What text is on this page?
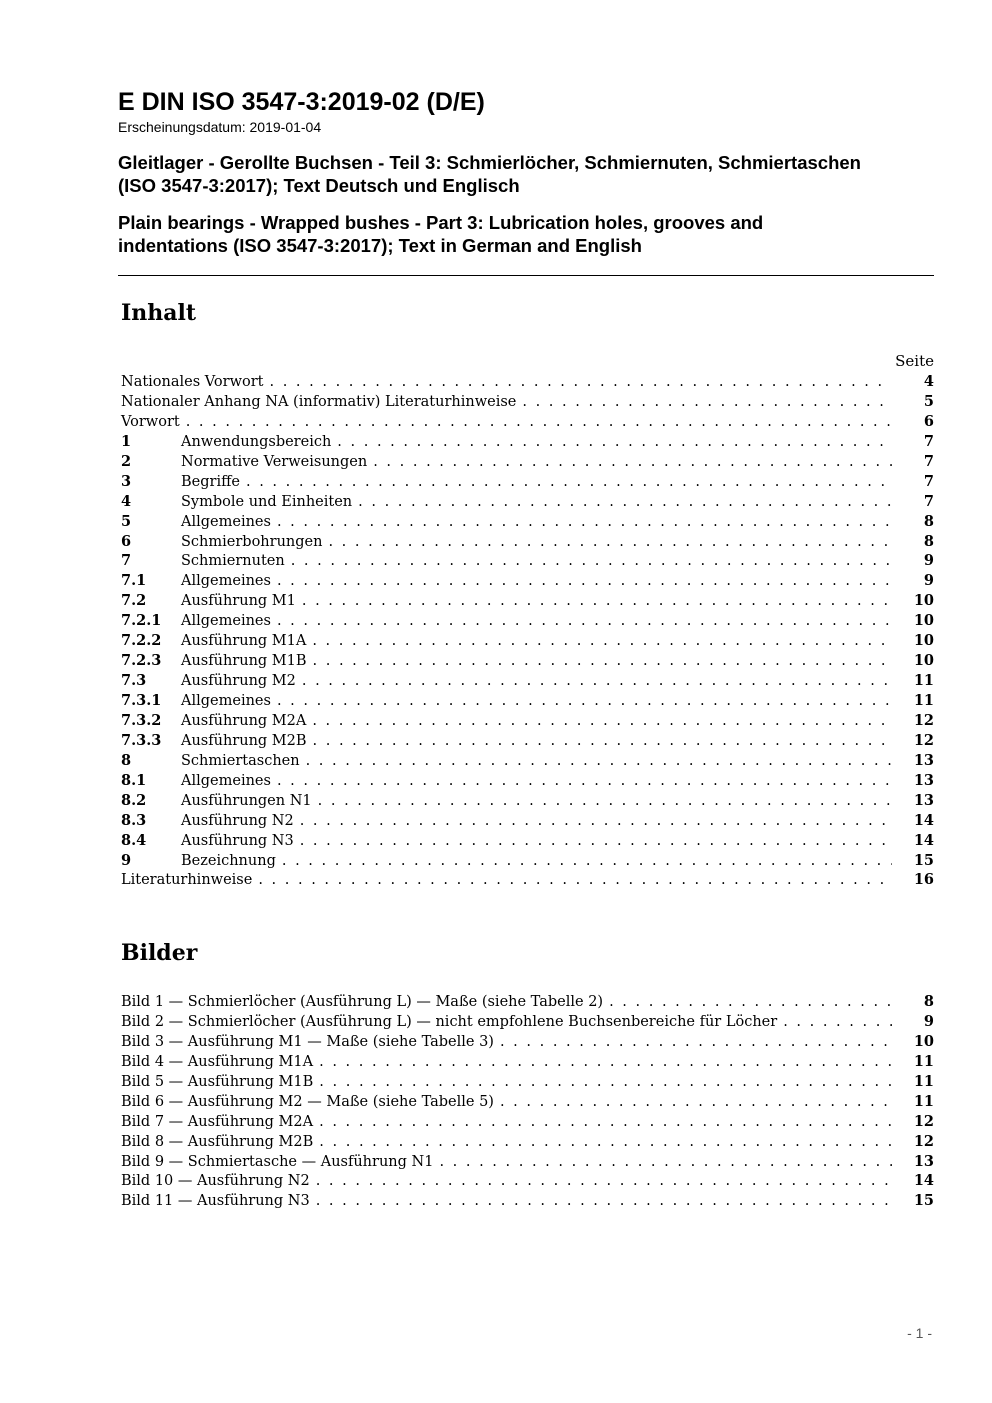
E DIN ISO 3547-3:2019-02 (D/E)

Erscheinungsdatum: 2019-01-04

Gleitlager - Gerollte Buchsen - Teil 3: Schmierlöcher, Schmiernuten, Schmiertaschen
(ISO 3547-3:2017); Text Deutsch und Englisch
Plain bearings - Wrapped bushes - Part 3: Lubrication holes, grooves and
indentations (ISO 3547-3:2017); Text in German and English
Inhalt
Seite
Nationales Vorwort . . .	4
Nationaler Anhang NA (informativ) Literaturhinweise . . .	5
Vorwort . . .	6
1	Anwendungsbereich . . .	7
2	Normative Verweisungen . . .	7
3	Begriffe . . .	7
4	Symbole und Einheiten . . .	7
5	Allgemeines . . .	8
6	Schmierbohrungen . . .	8
7	Schmiernuten . . .	9
7.1	Allgemeines . . .	9
7.2	Ausführung M1 . . .	10
7.2.1	Allgemeines . . .	10
7.2.2	Ausführung M1A . . .	10
7.2.3	Ausführung M1B . . .	10
7.3	Ausführung M2 . . .	11
7.3.1	Allgemeines . . .	11
7.3.2	Ausführung M2A . . .	12
7.3.3	Ausführung M2B . . .	12
8	Schmiertaschen . . .	13
8.1	Allgemeines . . .	13
8.2	Ausführungen N1 . . .	13
8.3	Ausführung N2 . . .	14
8.4	Ausführung N3 . . .	14
9	Bezeichnung . . .	15
Literaturhinweise . . .	16
Bilder
Bild 1 — Schmierlöcher (Ausführung L) — Maße (siehe Tabelle 2) . . .	8
Bild 2 — Schmierlöcher (Ausführung L) — nicht empfohlene Buchsenbereiche für Löcher . . .	9
Bild 3 — Ausführung M1 — Maße (siehe Tabelle 3) . . .	10
Bild 4 — Ausführung M1A . . .	11
Bild 5 — Ausführung M1B . . .	11
Bild 6 — Ausführung M2 — Maße (siehe Tabelle 5) . . .	11
Bild 7 — Ausführung M2A . . .	12
Bild 8 — Ausführung M2B . . .	12
Bild 9 — Schmiertasche — Ausführung N1 . . .	13
Bild 10 — Ausführung N2 . . .	14
Bild 11 — Ausführung N3 . . .	15
- 1 -
